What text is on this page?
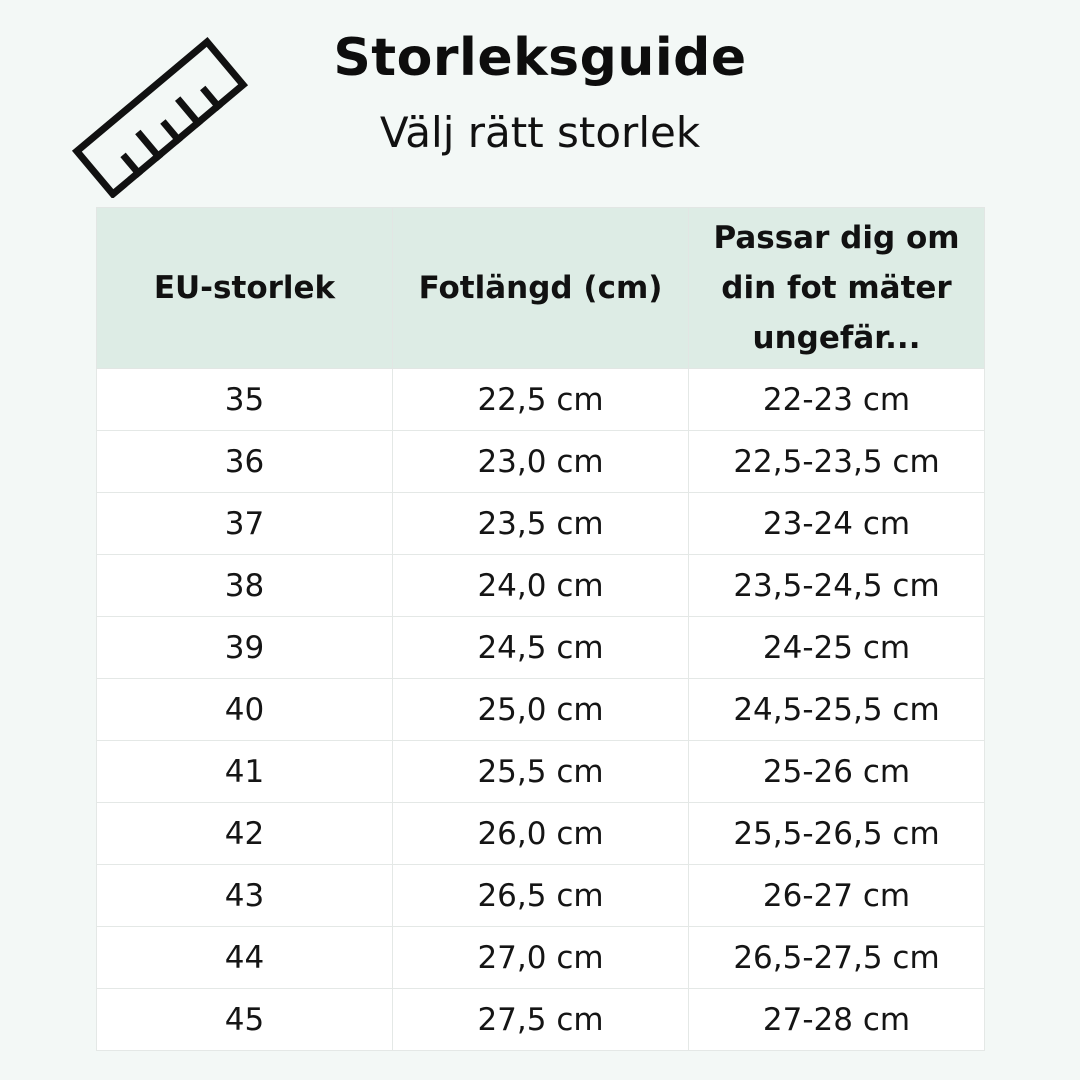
Storleksguide
Välj rätt storlek
EU-storlek	Fotlängd (cm)	Passar dig om din fot mäter ungefär...
35	22,5 cm	22-23 cm
36	23,0 cm	22,5-23,5 cm
37	23,5 cm	23-24 cm
38	24,0 cm	23,5-24,5 cm
39	24,5 cm	24-25 cm
40	25,0 cm	24,5-25,5 cm
41	25,5 cm	25-26 cm
42	26,0 cm	25,5-26,5 cm
43	26,5 cm	26-27 cm
44	27,0 cm	26,5-27,5 cm
45	27,5 cm	27-28 cm
